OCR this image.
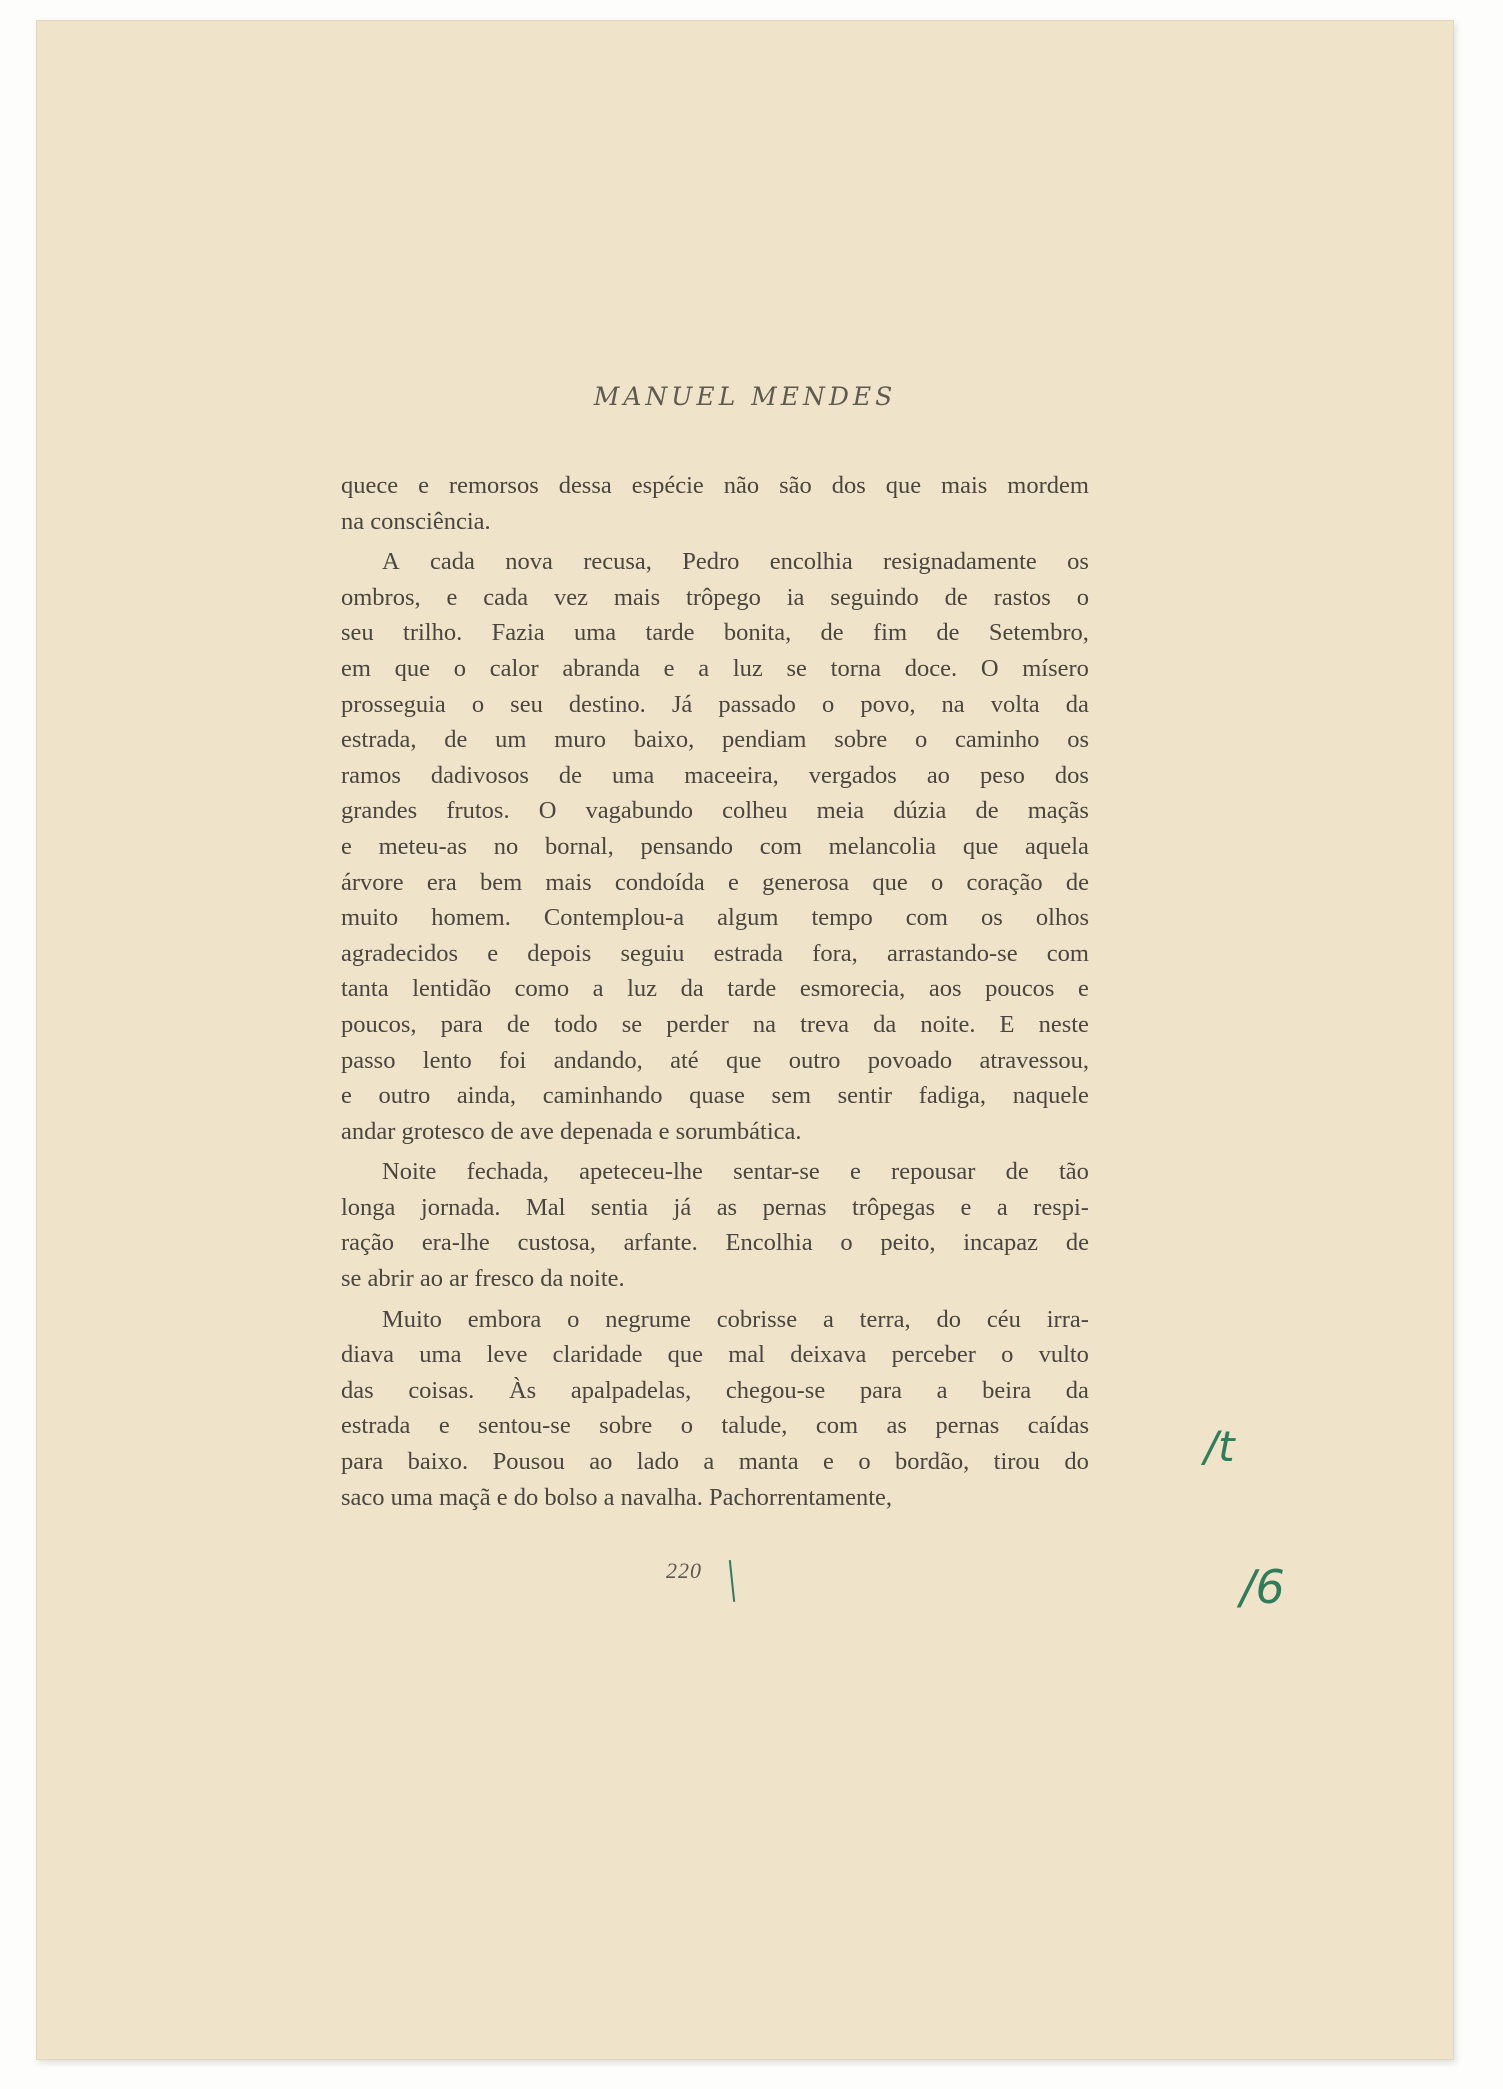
MANUEL MENDES
quece e remorsos dessa espécie não são dos que mais mordem
na consciência.
A cada nova recusa, Pedro encolhia resignadamente os
ombros, e cada vez mais trôpego ia seguindo de rastos o
seu trilho. Fazia uma tarde bonita, de fim de Setembro,
em que o calor abranda e a luz se torna doce. O mísero
prosseguia o seu destino. Já passado o povo, na volta da
estrada, de um muro baixo, pendiam sobre o caminho os
ramos dadivosos de uma maceeira, vergados ao peso dos
grandes frutos. O vagabundo colheu meia dúzia de maçãs
e meteu-as no bornal, pensando com melancolia que aquela
árvore era bem mais condoída e generosa que o coração de
muito homem. Contemplou-a algum tempo com os olhos
agradecidos e depois seguiu estrada fora, arrastando-se com
tanta lentidão como a luz da tarde esmorecia, aos poucos e
poucos, para de todo se perder na treva da noite. E neste
passo lento foi andando, até que outro povoado atravessou,
e outro ainda, caminhando quase sem sentir fadiga, naquele
andar grotesco de ave depenada e sorumbática.
Noite fechada, apeteceu-lhe sentar-se e repousar de tão
longa jornada. Mal sentia já as pernas trôpegas e a respi-
ração era-lhe custosa, arfante. Encolhia o peito, incapaz de
se abrir ao ar fresco da noite.
Muito embora o negrume cobrisse a terra, do céu irra-
diava uma leve claridade que mal deixava perceber o vulto
das coisas. Às apalpadelas, chegou-se para a beira da
estrada e sentou-se sobre o talude, com as pernas caídas
para baixo. Pousou ao lado a manta e o bordão, tirou do
saco uma maçã e do bolso a navalha. Pachorrentamente,
220
/t
/6
